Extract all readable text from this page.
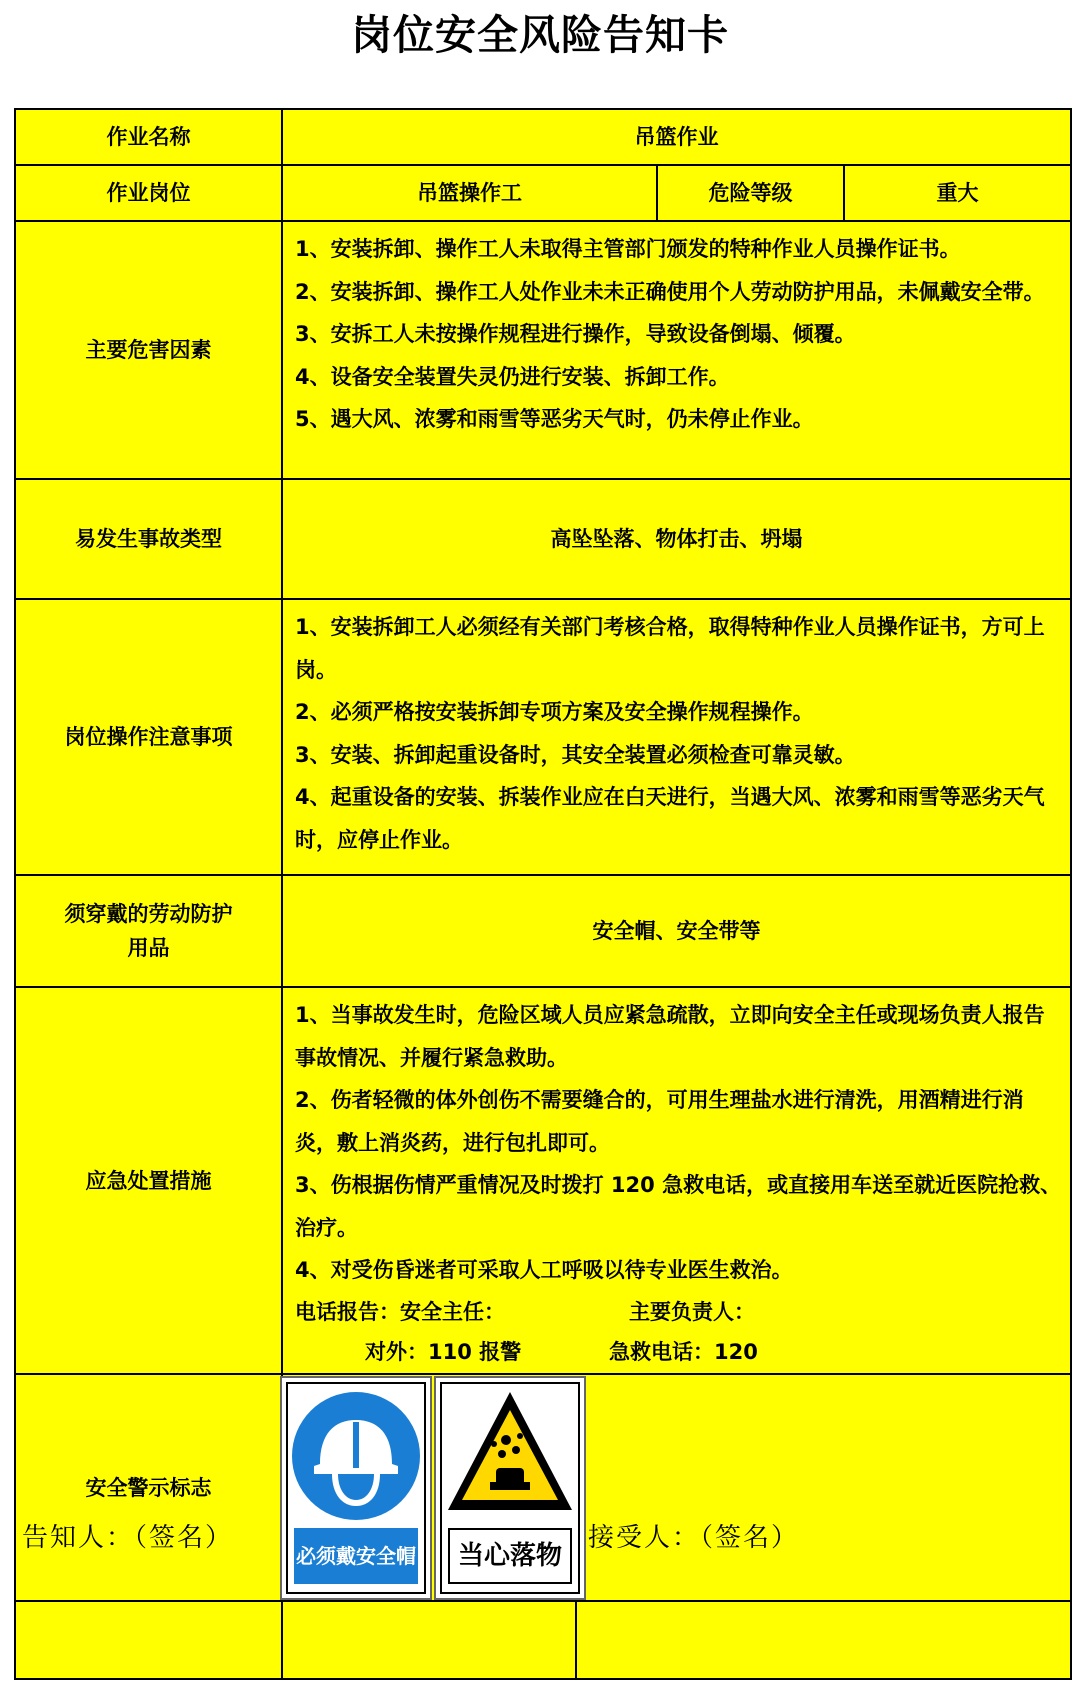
岗位安全风险告知卡
作业名称	吊篮作业
作业岗位	吊篮操作工	危险等级	重大
主要危害因素

1、安装拆卸、操作工人未取得主管部门颁发的特种作业人员操作证书。

2、安装拆卸、操作工人处作业未未正确使用个人劳动防护用品，未佩戴安全带。

3、安拆工人未按操作规程进行操作，导致设备倒塌、倾覆。

4、设备安全装置失灵仍进行安装、拆卸工作。

5、遇大风、浓雾和雨雪等恶劣天气时，仍未停止作业。

易发生事故类型	高坠坠落、物体打击、坍塌
岗位操作注意事项

1、安装拆卸工人必须经有关部门考核合格，取得特种作业人员操作证书，方可上岗。

2、必须严格按安装拆卸专项方案及安全操作规程操作。

3、安装、拆卸起重设备时，其安全装置必须检查可靠灵敏。

4、起重设备的安装、拆装作业应在白天进行，当遇大风、浓雾和雨雪等恶劣天气时，应停止作业。

须穿戴的劳动防护用品
安全帽、安全带等
应急处置措施

1、当事故发生时，危险区域人员应紧急疏散，立即向安全主任或现场负责人报告事故情况、并履行紧急救助。

2、伤者轻微的体外创伤不需要缝合的，可用生理盐水进行清洗，用酒精进行消炎，敷上消炎药，进行包扎即可。

3、伤根据伤情严重情况及时拨打 120 急救电话，或直接用车送至就近医院抢救、治疗。

4、对受伤昏迷者可采取人工呼吸以待专业医生救治。

电话报告：安全主任：	主要负责人：
对外：110 报警	急救电话：120
安全警示标志
必须戴安全帽	当心落物
告知人：（签名）	接受人：（签名）
